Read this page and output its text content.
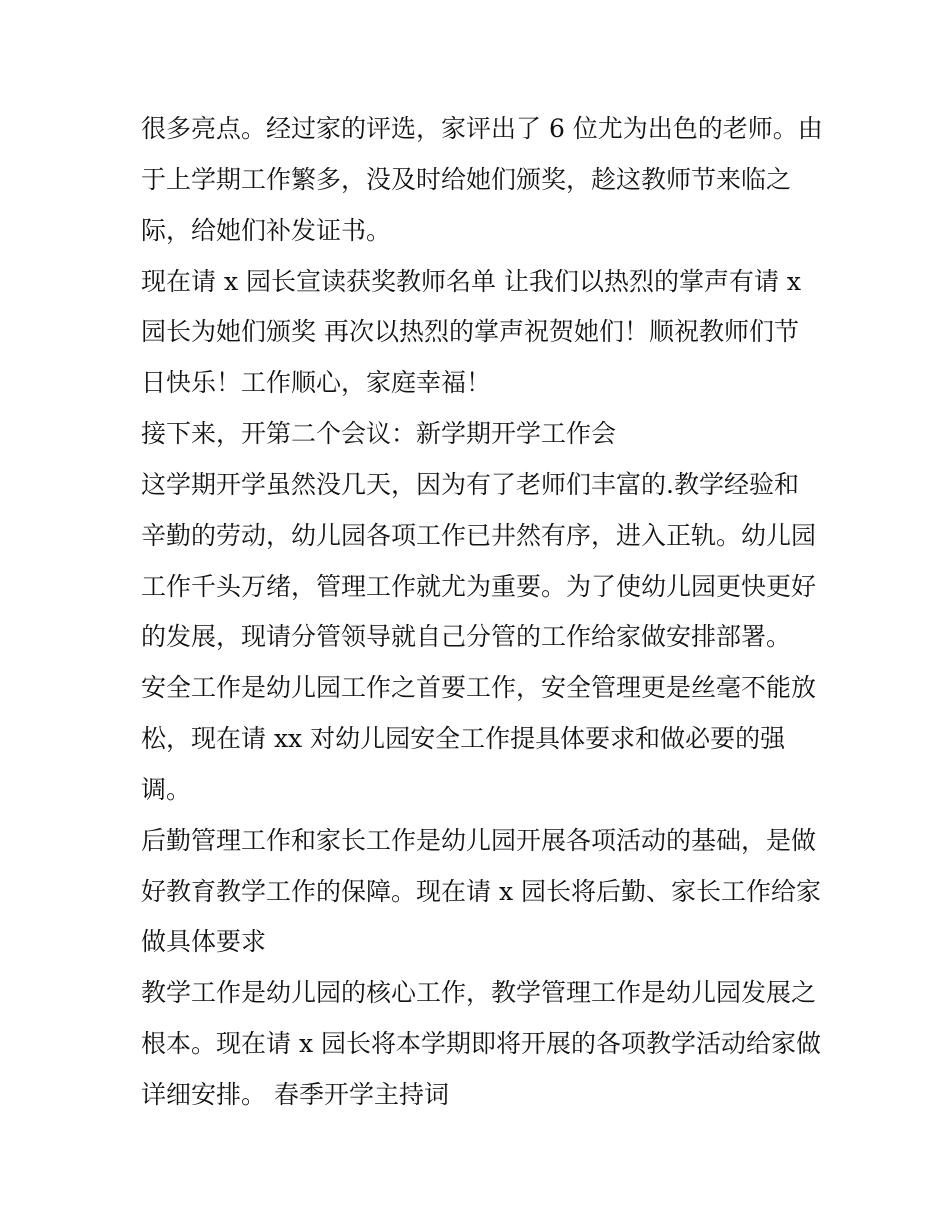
很多亮点。经过家的评选，家评出了 6 位尤为出色的老师。由
于上学期工作繁多，没及时给她们颁奖，趁这教师节来临之
际，给她们补发证书。
现在请 x 园长宣读获奖教师名单 让我们以热烈的掌声有请 x
园长为她们颁奖 再次以热烈的掌声祝贺她们！顺祝教师们节
日快乐！工作顺心，家庭幸福！
接下来，开第二个会议：新学期开学工作会
这学期开学虽然没几天，因为有了老师们丰富的.教学经验和
辛勤的劳动，幼儿园各项工作已井然有序，进入正轨。幼儿园
工作千头万绪，管理工作就尤为重要。为了使幼儿园更快更好
的发展，现请分管领导就自己分管的工作给家做安排部署。
安全工作是幼儿园工作之首要工作，安全管理更是丝毫不能放
松，现在请 xx 对幼儿园安全工作提具体要求和做必要的强
调。
后勤管理工作和家长工作是幼儿园开展各项活动的基础，是做
好教育教学工作的保障。现在请 x 园长将后勤、家长工作给家
做具体要求
教学工作是幼儿园的核心工作，教学管理工作是幼儿园发展之
根本。现在请 x 园长将本学期即将开展的各项教学活动给家做
详细安排。 春季开学主持词
